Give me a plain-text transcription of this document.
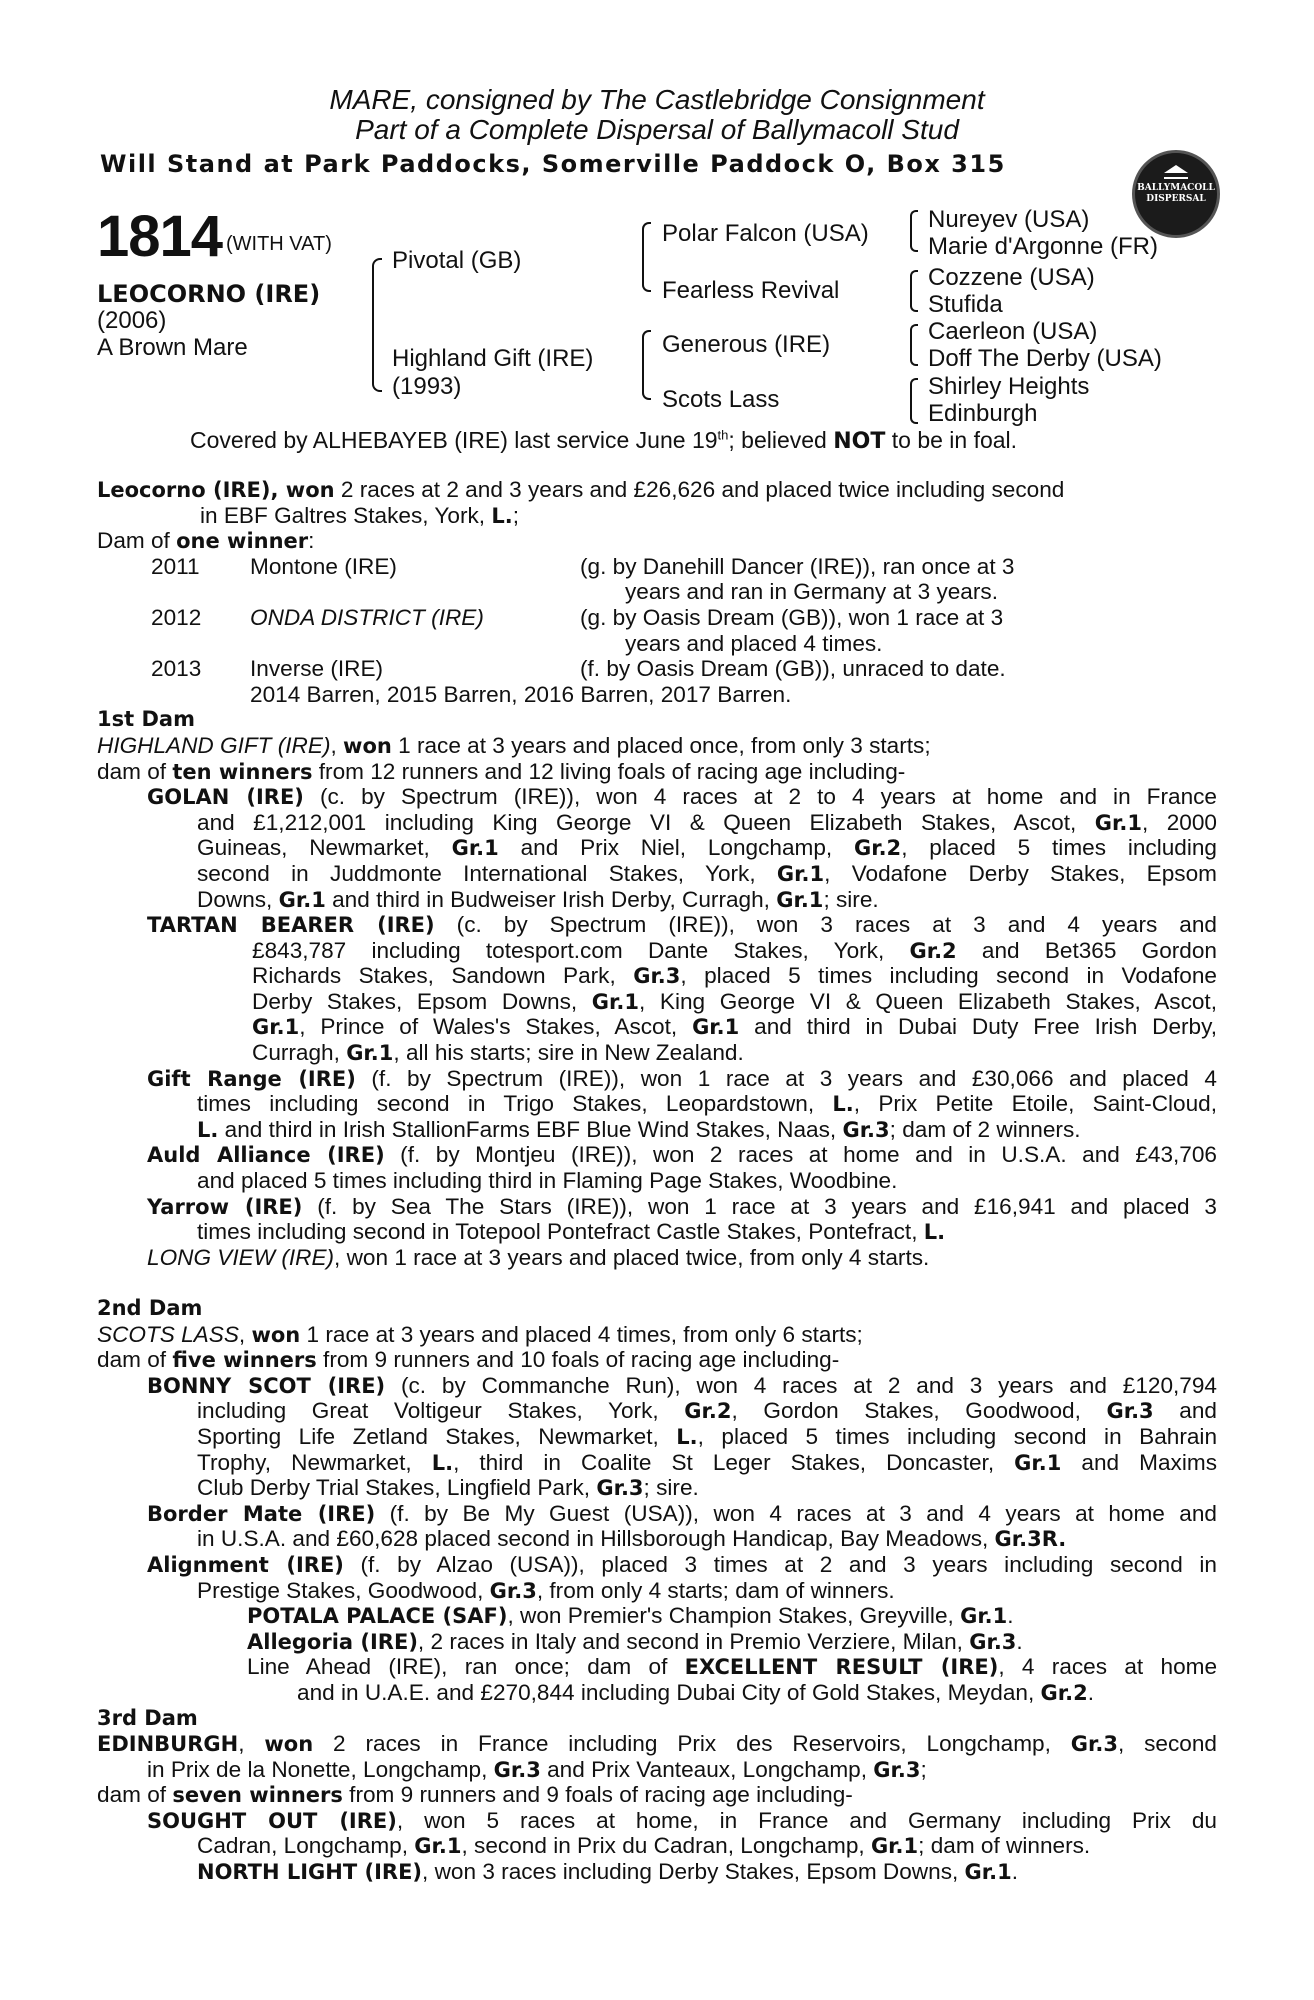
MARE, consigned by The Castlebridge Consignment
Part of a Complete Dispersal of Ballymacoll Stud
Will Stand at Park Paddocks, Somerville Paddock O, Box 315
BALLYMACOLL
DISPERSAL
1814 (WITH VAT)
LEOCORNO (IRE)
(2006)
A Brown Mare
Pivotal (GB)
Highland Gift (IRE)
(1993)
Polar Falcon (USA)
Fearless Revival
Generous (IRE)
Scots Lass
Nureyev (USA)
Marie d'Argonne (FR)
Cozzene (USA)
Stufida
Caerleon (USA)
Doff The Derby (USA)
Shirley Heights
Edinburgh
Covered by ALHEBAYEB (IRE) last service June 19th; believed NOT to be in foal.
Leocorno (IRE), won 2 races at 2 and 3 years and £26,626 and placed twice including second
in EBF Galtres Stakes, York, L.;
Dam of one winner:
2011 Montone (IRE)	(g. by Danehill Dancer (IRE)), ran once at 3
years and ran in Germany at 3 years.
2012 ONDA DISTRICT (IRE)	(g. by Oasis Dream (GB)), won 1 race at 3
years and placed 4 times.
2013 Inverse (IRE)	(f. by Oasis Dream (GB)), unraced to date.
2014 Barren, 2015 Barren, 2016 Barren, 2017 Barren.
1st Dam
HIGHLAND GIFT (IRE), won 1 race at 3 years and placed once, from only 3 starts;
dam of ten winners from 12 runners and 12 living foals of racing age including-
GOLAN (IRE) (c. by Spectrum (IRE)), won 4 races at 2 to 4 years at home and in France
and £1,212,001 including King George VI & Queen Elizabeth Stakes, Ascot, Gr.1, 2000
Guineas, Newmarket, Gr.1 and Prix Niel, Longchamp, Gr.2, placed 5 times including
second in Juddmonte International Stakes, York, Gr.1, Vodafone Derby Stakes, Epsom
Downs, Gr.1 and third in Budweiser Irish Derby, Curragh, Gr.1; sire.
TARTAN BEARER (IRE) (c. by Spectrum (IRE)), won 3 races at 3 and 4 years and
£843,787 including totesport.com Dante Stakes, York, Gr.2 and Bet365 Gordon
Richards Stakes, Sandown Park, Gr.3, placed 5 times including second in Vodafone
Derby Stakes, Epsom Downs, Gr.1, King George VI & Queen Elizabeth Stakes, Ascot,
Gr.1, Prince of Wales's Stakes, Ascot, Gr.1 and third in Dubai Duty Free Irish Derby,
Curragh, Gr.1, all his starts; sire in New Zealand.
Gift Range (IRE) (f. by Spectrum (IRE)), won 1 race at 3 years and £30,066 and placed 4
times including second in Trigo Stakes, Leopardstown, L., Prix Petite Etoile, Saint-Cloud,
L. and third in Irish StallionFarms EBF Blue Wind Stakes, Naas, Gr.3; dam of 2 winners.
Auld Alliance (IRE) (f. by Montjeu (IRE)), won 2 races at home and in U.S.A. and £43,706
and placed 5 times including third in Flaming Page Stakes, Woodbine.
Yarrow (IRE) (f. by Sea The Stars (IRE)), won 1 race at 3 years and £16,941 and placed 3
times including second in Totepool Pontefract Castle Stakes, Pontefract, L.
LONG VIEW (IRE), won 1 race at 3 years and placed twice, from only 4 starts.
2nd Dam
SCOTS LASS, won 1 race at 3 years and placed 4 times, from only 6 starts;
dam of five winners from 9 runners and 10 foals of racing age including-
BONNY SCOT (IRE) (c. by Commanche Run), won 4 races at 2 and 3 years and £120,794
including Great Voltigeur Stakes, York, Gr.2, Gordon Stakes, Goodwood, Gr.3 and
Sporting Life Zetland Stakes, Newmarket, L., placed 5 times including second in Bahrain
Trophy, Newmarket, L., third in Coalite St Leger Stakes, Doncaster, Gr.1 and Maxims
Club Derby Trial Stakes, Lingfield Park, Gr.3; sire.
Border Mate (IRE) (f. by Be My Guest (USA)), won 4 races at 3 and 4 years at home and
in U.S.A. and £60,628 placed second in Hillsborough Handicap, Bay Meadows, Gr.3R.
Alignment (IRE) (f. by Alzao (USA)), placed 3 times at 2 and 3 years including second in
Prestige Stakes, Goodwood, Gr.3, from only 4 starts; dam of winners.
POTALA PALACE (SAF), won Premier's Champion Stakes, Greyville, Gr.1.
Allegoria (IRE), 2 races in Italy and second in Premio Verziere, Milan, Gr.3.
Line Ahead (IRE), ran once; dam of EXCELLENT RESULT (IRE), 4 races at home
and in U.A.E. and £270,844 including Dubai City of Gold Stakes, Meydan, Gr.2.
3rd Dam
EDINBURGH, won 2 races in France including Prix des Reservoirs, Longchamp, Gr.3, second
in Prix de la Nonette, Longchamp, Gr.3 and Prix Vanteaux, Longchamp, Gr.3;
dam of seven winners from 9 runners and 9 foals of racing age including-
SOUGHT OUT (IRE), won 5 races at home, in France and Germany including Prix du
Cadran, Longchamp, Gr.1, second in Prix du Cadran, Longchamp, Gr.1; dam of winners.
NORTH LIGHT (IRE), won 3 races including Derby Stakes, Epsom Downs, Gr.1.
